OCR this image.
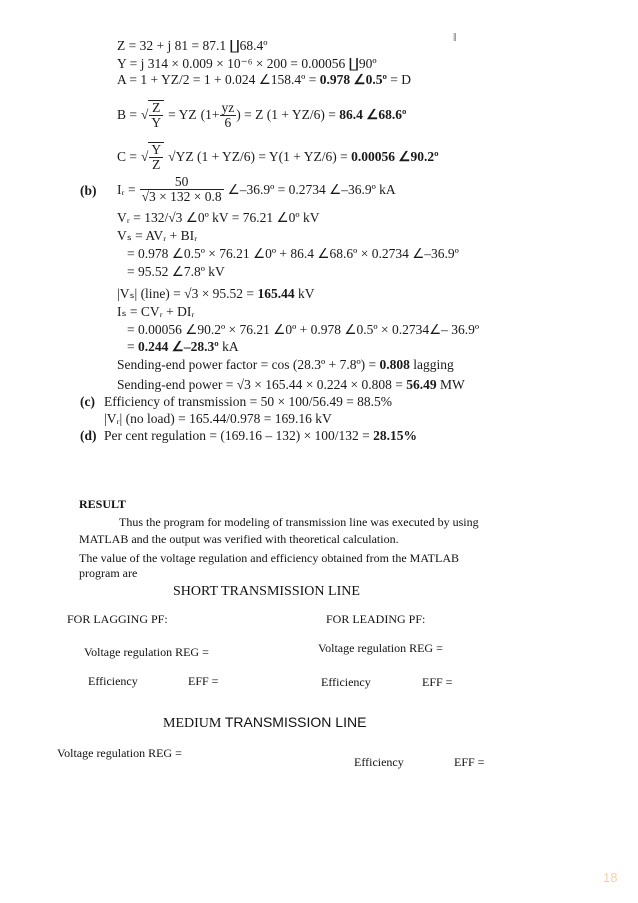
‖
Z = 32 + j 81 = 87.1 ∐68.4º
Y = j 314 × 0.009 × 10⁻⁶ × 200 = 0.00056 ∐90º
A = 1 + YZ/2 = 1 + 0.024 ∠158.4º = 0.978 ∠0.5º = D
B = √ $\frac{Z}{Y}$ = YZ ($1+ \frac{yz}{6}$ ) = Z (1 + YZ/6) = 86.4 ∠68.6º
C = √ $\frac{Y}{Z} √YZ$ (1 + YZ/6) = Y(1 + YZ/6) = 0.00056 ∠90.2º
(b) Iᵣ = $\frac{50}{√3 \times 132 \times 0.8}$ ∠–36.9º = 0.2734 ∠–36.9º kA
Vᵣ = 132/√3 ∠0º kV = 76.21 ∠0º kV
Vₛ = AVᵣ + BIᵣ
= 0.978 ∠0.5º × 76.21 ∠0º + 86.4 ∠68.6º × 0.2734 ∠–36.9º
= 95.52 ∠7.8º kV
|Vₛ| (line) = √3 × 95.52 = 165.44 kV
Iₛ = CVᵣ + DIᵣ
= 0.00056 ∠90.2º × 76.21 ∠0º + 0.978 ∠0.5º × 0.2734∠– 36.9º
= 0.244 ∠–28.3º kA
Sending-end power factor = cos (28.3º + 7.8º) = 0.808 lagging
Sending-end power = √3 × 165.44 × 0.224 × 0.808 = 56.49 MW
(c) Efficiency of transmission = 50 × 100/56.49 = 88.5%
|Vᵣ| (no load) = 165.44/0.978 = 169.16 kV
(d) Per cent regulation = (169.16 – 132) × 100/132 = 28.15%
RESULT
Thus the program for modeling of transmission line was executed by using
MATLAB and the output was verified with theoretical calculation.
The value of the voltage regulation and efficiency obtained from the MATLAB
program are
SHORT TRANSMISSION LINE
FOR LAGGING PF:	FOR LEADING PF:
Voltage regulation REG =	Voltage regulation REG =
Efficiency	EFF =	Efficiency	EFF =
MEDIUM TRANSMISSION LINE
Voltage regulation REG =
Efficiency	EFF =
18
